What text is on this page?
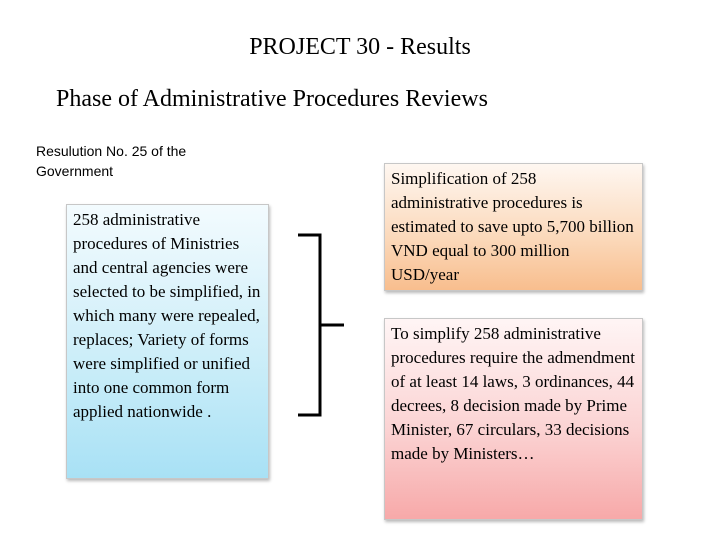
PROJECT 30 - Results
Phase of Administrative Procedures Reviews
Resulution No. 25 of the Government
258 administrative procedures of Ministries and central agencies were selected to be simplified, in which many were repealed, replaces; Variety of forms were simplified or unified into one common form applied nationwide .
Simplification of 258 administrative procedures is estimated to save upto 5,700 billion VND equal to 300 million USD/year
To simplify 258 administrative procedures require the admendment of at least 14 laws, 3 ordinances, 44 decrees, 8 decision made by Prime Minister, 67 circulars, 33 decisions made by Ministers…
